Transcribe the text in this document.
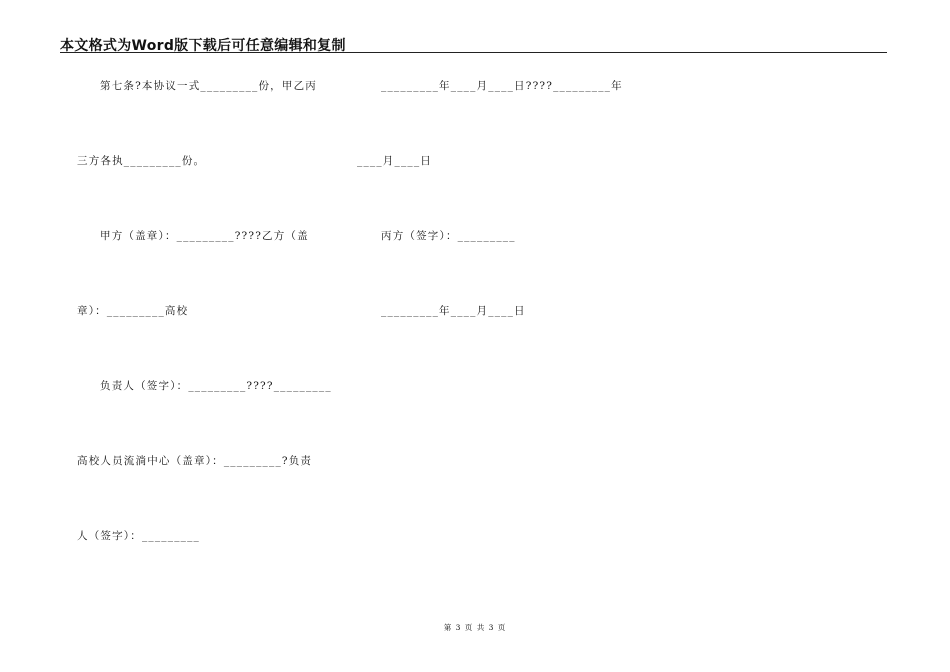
本文格式为Word版下载后可任意编辑和复制
第七条?本协议一式_________份，甲乙丙	_________年____月____日????_________年
三方各执_________份。	____月____日
甲方（盖章）：_________????乙方（盖	丙方（签字）：_________
章）：_________高校	_________年____月____日
负责人（签字）：_________????_________
高校人员流淌中心（盖章）：_________?负责
人（签字）：_________
第 3 页 共 3 页
